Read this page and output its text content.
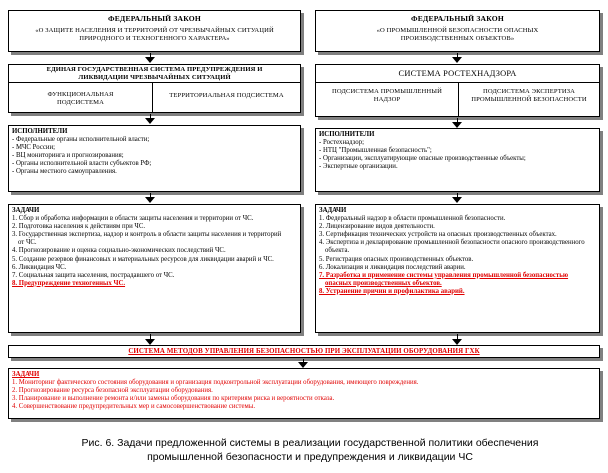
ФЕДЕРАЛЬНЫЙ ЗАКОН
«О ЗАЩИТЕ НАСЕЛЕНИЯ И ТЕРРИТОРИЙ ОТ ЧРЕЗВЫЧАЙНЫХ СИТУАЦИЙ ПРИРОДНОГО И ТЕХНОГЕННОГО ХАРАКТЕРА»
ЕДИНАЯ ГОСУДАРСТВЕННАЯ СИСТЕМА ПРЕДУПРЕЖДЕНИЯ И ЛИКВИДАЦИИ ЧРЕЗВЫЧАЙНЫХ СИТУАЦИЙ
ФУНКЦИОНАЛЬНАЯ ПОДСИСТЕМА
ТЕРРИТОРИАЛЬНАЯ ПОДСИСТЕМА
ИСПОЛНИТЕЛИ
- Федеральные органы исполнительной власти;
- МЧС России;
- ВЦ мониторинга и прогнозирования;
- Органы исполнительной власти субъектов РФ;
- Органы местного самоуправления.
ЗАДАЧИ
1. Сбор и обработка информации в области защиты населения и территории от ЧС.
2. Подготовка населения к действиям при ЧС.
3. Государственная экспертиза, надзор и контроль в области защиты населения и территорий от ЧС.
4. Прогнозирование и оценка социально-экономических последствий ЧС.
5. Создание резервов финансовых и материальных ресурсов для ликвидации аварий и ЧС.
6. Ликвидация ЧС.
7. Социальная защита населения, пострадавшего от ЧС.
8. Предупреждение техногенных ЧС.
ФЕДЕРАЛЬНЫЙ ЗАКОН
«О ПРОМЫШЛЕННОЙ БЕЗОПАСНОСТИ ОПАСНЫХ ПРОИЗВОДСТВЕННЫХ ОБЪЕКТОВ»
СИСТЕМА РОСТЕХНАДЗОРА
ПОДСИСТЕМА ПРОМЫШЛЕННЫЙ НАДЗОР
ПОДСИСТЕМА ЭКСПЕРТИЗА ПРОМЫШЛЕННОЙ БЕЗОПАСНОСТИ
ИСПОЛНИТЕЛИ
- Ростехнадзор;
- НТЦ "Промышленная безопасность";
- Организации, эксплуатирующие опасные производственные объекты;
- Экспертные организации.
ЗАДАЧИ
1. Федеральный надзор в области промышленной безопасности.
2. Лицензирование видов деятельности.
3. Сертификация технических устройств на опасных производственных объектах.
4. Экспертиза и декларирование промышленной безопасности опасного производственного объекта.
5. Регистрация опасных производственных объектов.
6. Локализация и ликвидация последствий аварии.
7. Разработка и применение системы управления промышленной безопасностью опасных производственных объектов.
8. Устранение причин и профилактика аварий.
СИСТЕМА МЕТОДОВ УПРАВЛЕНИЯ БЕЗОПАСНОСТЬЮ ПРИ ЭКСПЛУАТАЦИИ ОБОРУДОВАНИЯ ГХК
ЗАДАЧИ
1. Мониторинг фактического состояния оборудования и организация подконтрольной эксплуатации оборудования, имеющего повреждения.
2. Прогнозирование ресурса безопасной эксплуатации оборудования.
3. Планирование и выполнение ремонта и/или замены оборудования по критериям риска и вероятности отказа.
4. Совершенствование предупредительных мер и самосовершенствование системы.
Рис. 6. Задачи предложенной системы в реализации государственной политики обеспечения
промышленной безопасности и предупреждения и ликвидации ЧС
